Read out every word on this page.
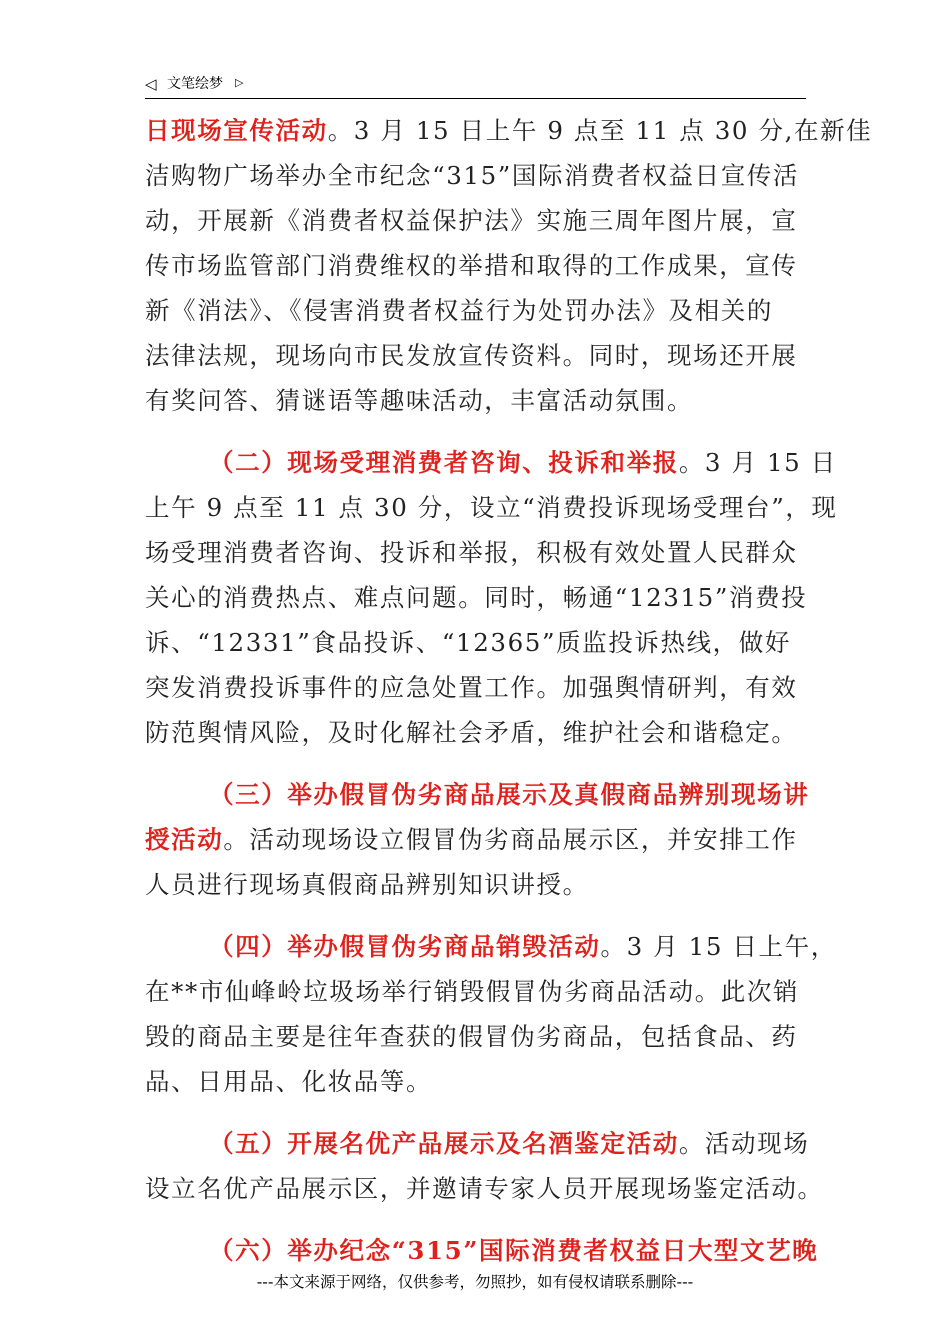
◁ 文笔绘梦 ▷
日现场宣传活动。3 月 15 日上午 9 点至 11 点 30 分,在新佳
洁购物广场举办全市纪念“315”国际消费者权益日宣传活
动，开展新《消费者权益保护法》实施三周年图片展，宣
传市场监管部门消费维权的举措和取得的工作成果，宣传
新《消法》、《侵害消费者权益行为处罚办法》及相关的
法律法规，现场向市民发放宣传资料。同时，现场还开展
有奖问答、猜谜语等趣味活动，丰富活动氛围。
（二）现场受理消费者咨询、投诉和举报。3 月 15 日
上午 9 点至 11 点 30 分，设立“消费投诉现场受理台”，现
场受理消费者咨询、投诉和举报，积极有效处置人民群众
关心的消费热点、难点问题。同时，畅通“12315”消费投
诉、“12331”食品投诉、“12365”质监投诉热线，做好
突发消费投诉事件的应急处置工作。加强舆情研判，有效
防范舆情风险，及时化解社会矛盾，维护社会和谐稳定。
（三）举办假冒伪劣商品展示及真假商品辨别现场讲
授活动。活动现场设立假冒伪劣商品展示区，并安排工作
人员进行现场真假商品辨别知识讲授。
（四）举办假冒伪劣商品销毁活动。3 月 15 日上午，
在**市仙峰岭垃圾场举行销毁假冒伪劣商品活动。此次销
毁的商品主要是往年查获的假冒伪劣商品，包括食品、药
品、日用品、化妆品等。
（五）开展名优产品展示及名酒鉴定活动。活动现场
设立名优产品展示区，并邀请专家人员开展现场鉴定活动。
（六）举办纪念“315”国际消费者权益日大型文艺晚
---本文来源于网络，仅供参考，勿照抄，如有侵权请联系删除---
